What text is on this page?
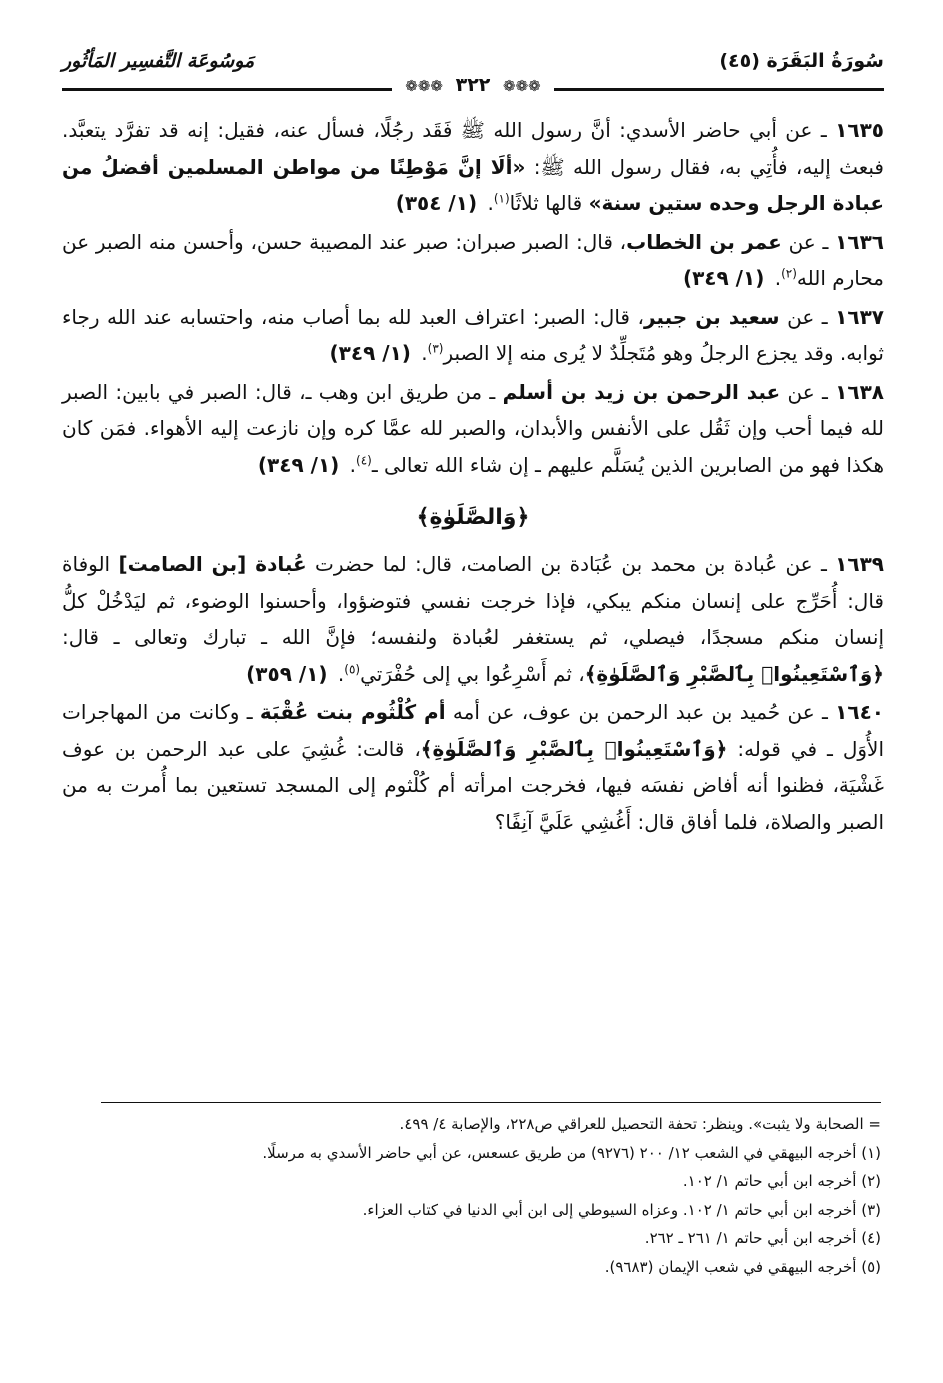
سُورَةُ البَقَرَة (٤٥)
مَوسُوعَة التَّفسِير المَأثُور
❁❁❁ ٣٢٢ ❁❁❁

١٦٣٥ ـ عن أبي حاضر الأسدي: أنَّ رسول الله ﷺ فَقَد رجُلًا، فسأل عنه، فقيل: إنه قد تفرَّد يتعبَّد. فبعث إليه، فأُتِي به، فقال رسول الله ﷺ: «ألَا إنَّ مَوْطِنًا من مواطن المسلمين أفضلُ من عبادة الرجل وحده ستين سنة» قالها ثلاثًا$^{(١)}$. (١/ ٣٥٤)

١٦٣٦ ـ عن عمر بن الخطاب، قال: الصبر صبران: صبر عند المصيبة حسن، وأحسن منه الصبر عن محارم الله$^{(٢)}$. (١/ ٣٤٩)

١٦٣٧ ـ عن سعيد بن جبير، قال: الصبر: اعتراف العبد لله بما أصاب منه، واحتسابه عند الله رجاء ثوابه. وقد يجزع الرجلُ وهو مُتَجلِّدٌ لا يُرى منه إلا الصبر$^{(٣)}$. (١/ ٣٤٩)

١٦٣٨ ـ عن عبد الرحمن بن زيد بن أسلم ـ من طريق ابن وهب ـ، قال: الصبر في بابين: الصبر لله فيما أحب وإن ثَقُل على الأنفس والأبدان، والصبر لله عمَّا كره وإن نازعت إليه الأهواء. فمَن كان هكذا فهو من الصابرين الذين يُسَلَّم عليهم ـ إن شاء الله تعالى ـ$^{(٤)}$. (١/ ٣٤٩)

﴿وَالصَّلَوٰةِ﴾

١٦٣٩ ـ عن عُبادة بن محمد بن عُبَادة بن الصامت، قال: لما حضرت عُبادة [بن الصامت] الوفاة قال: أُحَرِّج على إنسان منكم يبكي، فإذا خرجت نفسي فتوضؤوا، وأحسنوا الوضوء، ثم ليَدْخُلْ كلُّ إنسان منكم مسجدًا، فيصلي، ثم يستغفر لعُبادة ولنفسه؛ فإنَّ الله ـ تبارك وتعالى ـ قال: ﴿وَٱسْتَعِينُوا۟ بِٱلصَّبْرِ وَٱلصَّلَوٰةِ﴾، ثم أَسْرِعُوا بي إلى حُفْرَتي$^{(٥)}$. (١/ ٣٥٩)

١٦٤٠ ـ عن حُميد بن عبد الرحمن بن عوف، عن أمه أم كُلْثُوم بنت عُقْبَة ـ وكانت من المهاجرات الأُوَل ـ في قوله: ﴿وَٱسْتَعِينُوا۟ بِٱلصَّبْرِ وَٱلصَّلَوٰةِ﴾، قالت: غُشِيَ على عبد الرحمن بن عوف غَشْيَة، فظنوا أنه أفاض نفسَه فيها، فخرجت امرأته أم كُلْثوم إلى المسجد تستعين بما أُمرت به من الصبر والصلاة، فلما أفاق قال: أَغُشِي عَلَيَّ آنِفًا؟

= الصحابة ولا يثبت». وينظر: تحفة التحصيل للعراقي ص٢٢٨، والإصابة ٤/ ٤٩٩.

(١) أخرجه البيهقي في الشعب ١٢/ ٢٠٠ (٩٢٧٦) من طريق عسعس، عن أبي حاضر الأسدي به مرسلًا.

(٢) أخرجه ابن أبي حاتم ١/ ١٠٢.

(٣) أخرجه ابن أبي حاتم ١/ ١٠٢. وعزاه السيوطي إلى ابن أبي الدنيا في كتاب العزاء.

(٤) أخرجه ابن أبي حاتم ١/ ٢٦١ ـ ٢٦٢.

(٥) أخرجه البيهقي في شعب الإيمان (٩٦٨٣).
